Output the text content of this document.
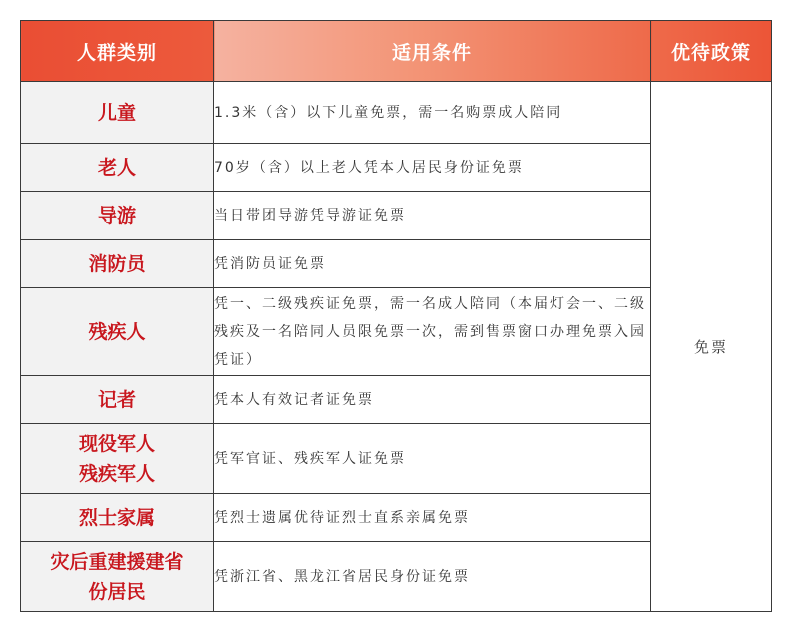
人群类别	适用条件	优待政策

儿童	1.3米（含）以下儿童免票，需一名购票成人陪同	免票

老人	70岁（含）以上老人凭本人居民身份证免票	

导游	当日带团导游凭导游证免票	

消防员	凭消防员证免票	

残疾人	凭一、二级残疾证免票，需一名成人陪同（本届灯会一、二级残疾及一名陪同人员限免票一次，需到售票窗口办理免票入园凭证）	

记者	凭本人有效记者证免票	

现役军人
残疾军人	凭军官证、残疾军人证免票	

烈士家属	凭烈士遗属优待证烈士直系亲属免票	

灾后重建援建省
份居民	凭浙江省、黑龙江省居民身份证免票	
